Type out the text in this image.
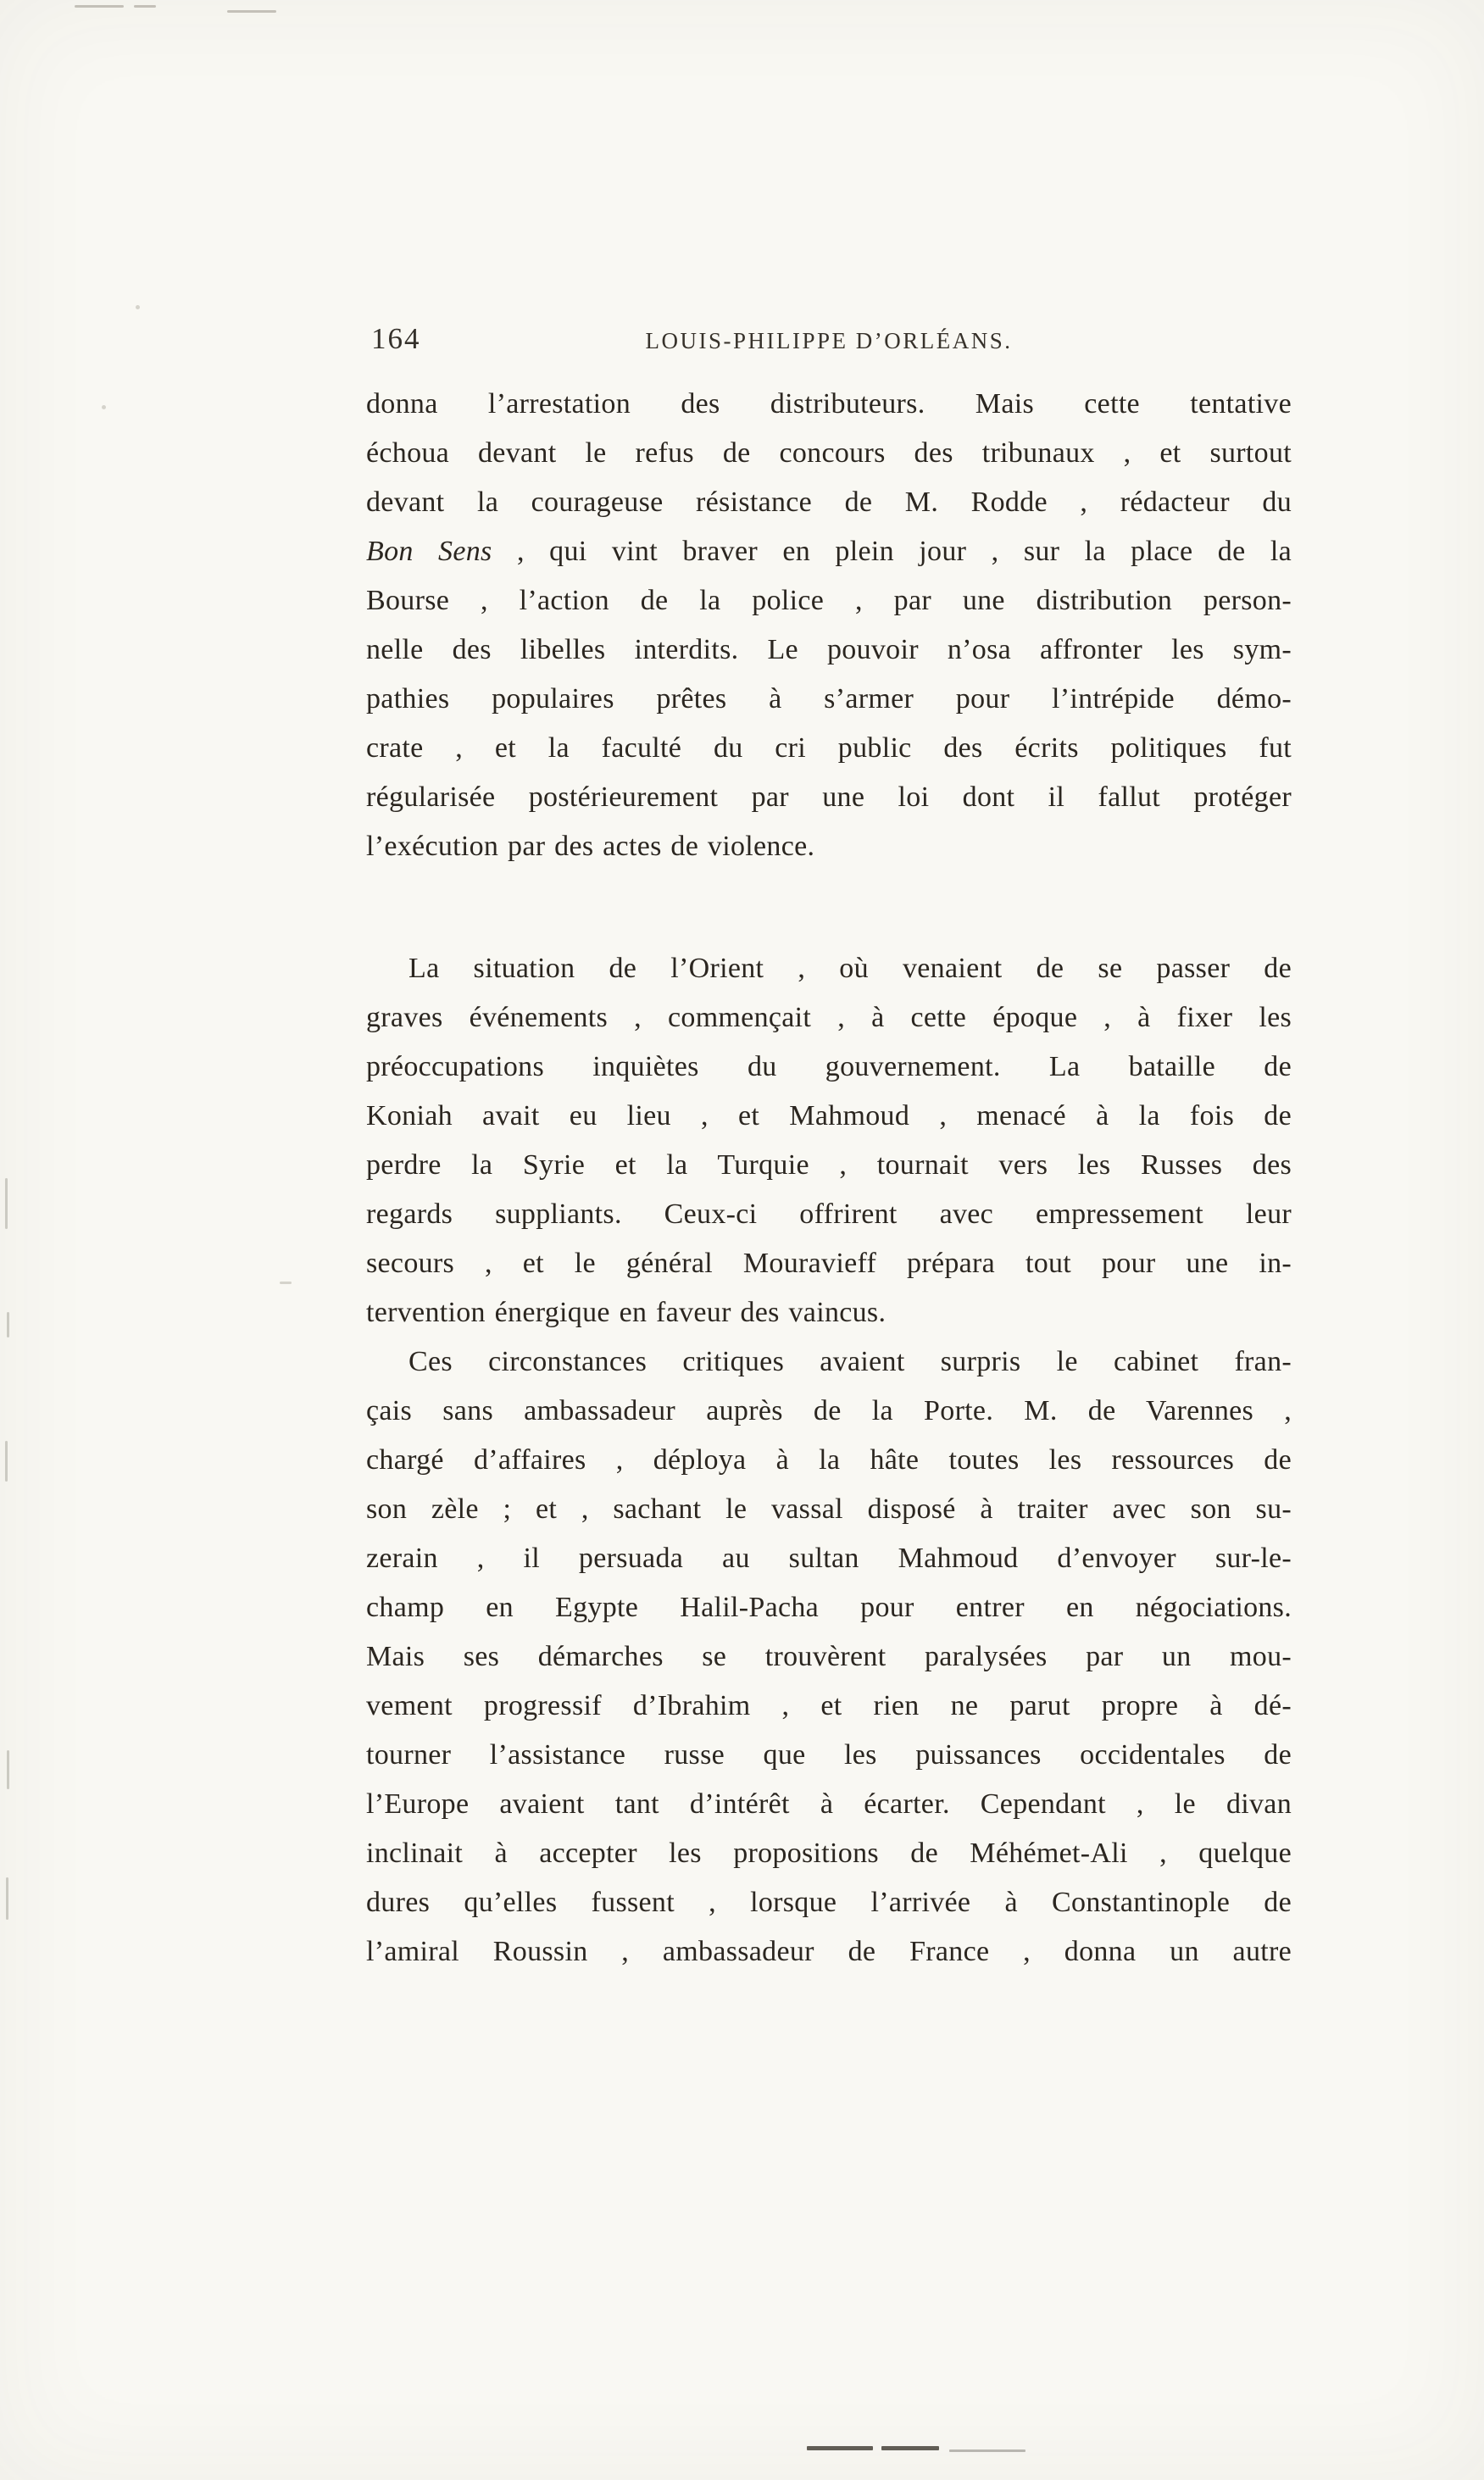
164	LOUIS-PHILIPPE D’ORLÉANS.
donna l’arrestation des distributeurs. Mais cette tentative
échoua devant le refus de concours des tribunaux , et surtout
devant la courageuse résistance de M. Rodde , rédacteur du
Bon Sens , qui vint braver en plein jour , sur la place de la
Bourse , l’action de la police , par une distribution person-
nelle des libelles interdits. Le pouvoir n’osa affronter les sym-
pathies populaires prêtes à s’armer pour l’intrépide démo-
crate , et la faculté du cri public des écrits politiques fut
régularisée postérieurement par une loi dont il fallut protéger
l’exécution par des actes de violence.
La situation de l’Orient , où venaient de se passer de
graves événements , commençait , à cette époque , à fixer les
préoccupations inquiètes du gouvernement. La bataille de
Koniah avait eu lieu , et Mahmoud , menacé à la fois de
perdre la Syrie et la Turquie , tournait vers les Russes des
regards suppliants. Ceux-ci offrirent avec empressement leur
secours , et le général Mouravieff prépara tout pour une in-
tervention énergique en faveur des vaincus.
Ces circonstances critiques avaient surpris le cabinet fran-
çais sans ambassadeur auprès de la Porte. M. de Varennes ,
chargé d’affaires , déploya à la hâte toutes les ressources de
son zèle ; et , sachant le vassal disposé à traiter avec son su-
zerain , il persuada au sultan Mahmoud d’envoyer sur-le-
champ en Egypte Halil-Pacha pour entrer en négociations.
Mais ses démarches se trouvèrent paralysées par un mou-
vement progressif d’Ibrahim , et rien ne parut propre à dé-
tourner l’assistance russe que les puissances occidentales de
l’Europe avaient tant d’intérêt à écarter. Cependant , le divan
inclinait à accepter les propositions de Méhémet-Ali , quelque
dures qu’elles fussent , lorsque l’arrivée à Constantinople de
l’amiral Roussin , ambassadeur de France , donna un autre
